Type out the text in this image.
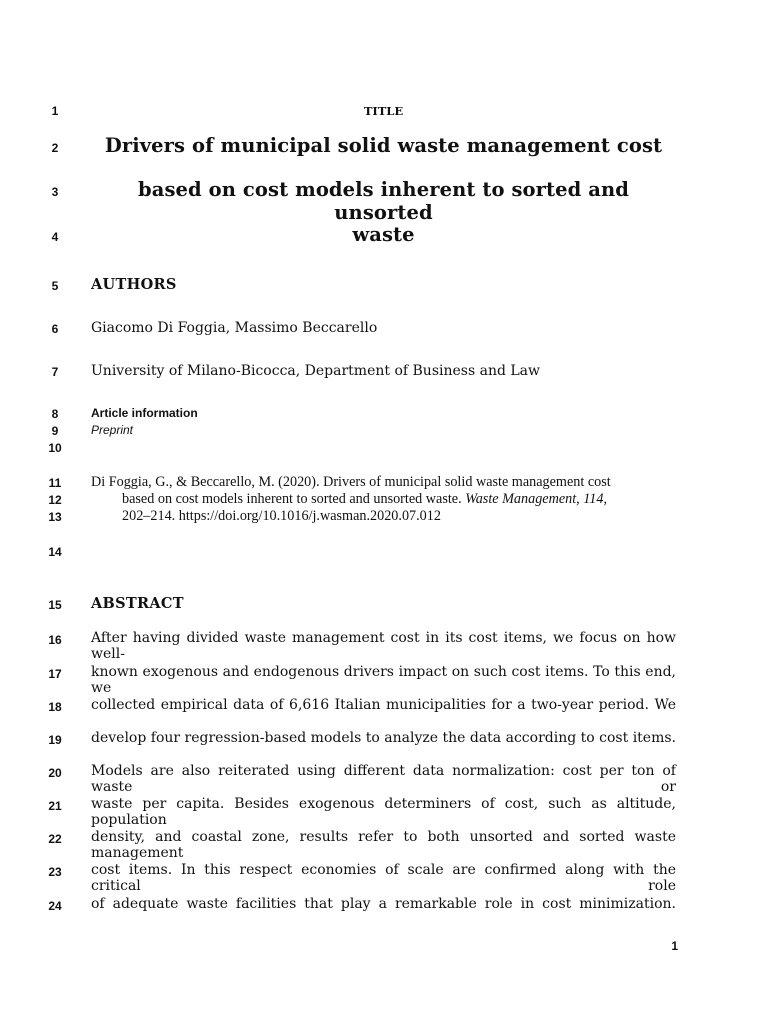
1
2
3
4
5
6
7
8
9
10
11
12
13
14
15
16
17
18
19
20
21
22
23
24
TITLE
Drivers of municipal solid waste management cost
based on cost models inherent to sorted and unsorted
waste
AUTHORS
Giacomo Di Foggia, Massimo Beccarello
University of Milano-Bicocca, Department of Business and Law
Article information
Preprint
Di Foggia, G., & Beccarello, M. (2020). Drivers of municipal solid waste management cost
based on cost models inherent to sorted and unsorted waste. Waste Management, 114,
202–214. https://doi.org/10.1016/j.wasman.2020.07.012
ABSTRACT
After having divided waste management cost in its cost items, we focus on how well-
known exogenous and endogenous drivers impact on such cost items. To this end, we
collected empirical data of 6,616 Italian municipalities for a two-year period. We
develop four regression-based models to analyze the data according to cost items.
Models are also reiterated using different data normalization: cost per ton of waste or
waste per capita. Besides exogenous determiners of cost, such as altitude, population
density, and coastal zone, results refer to both unsorted and sorted waste management
cost items. In this respect economies of scale are confirmed along with the critical role
of adequate waste facilities that play a remarkable role in cost minimization.
1
